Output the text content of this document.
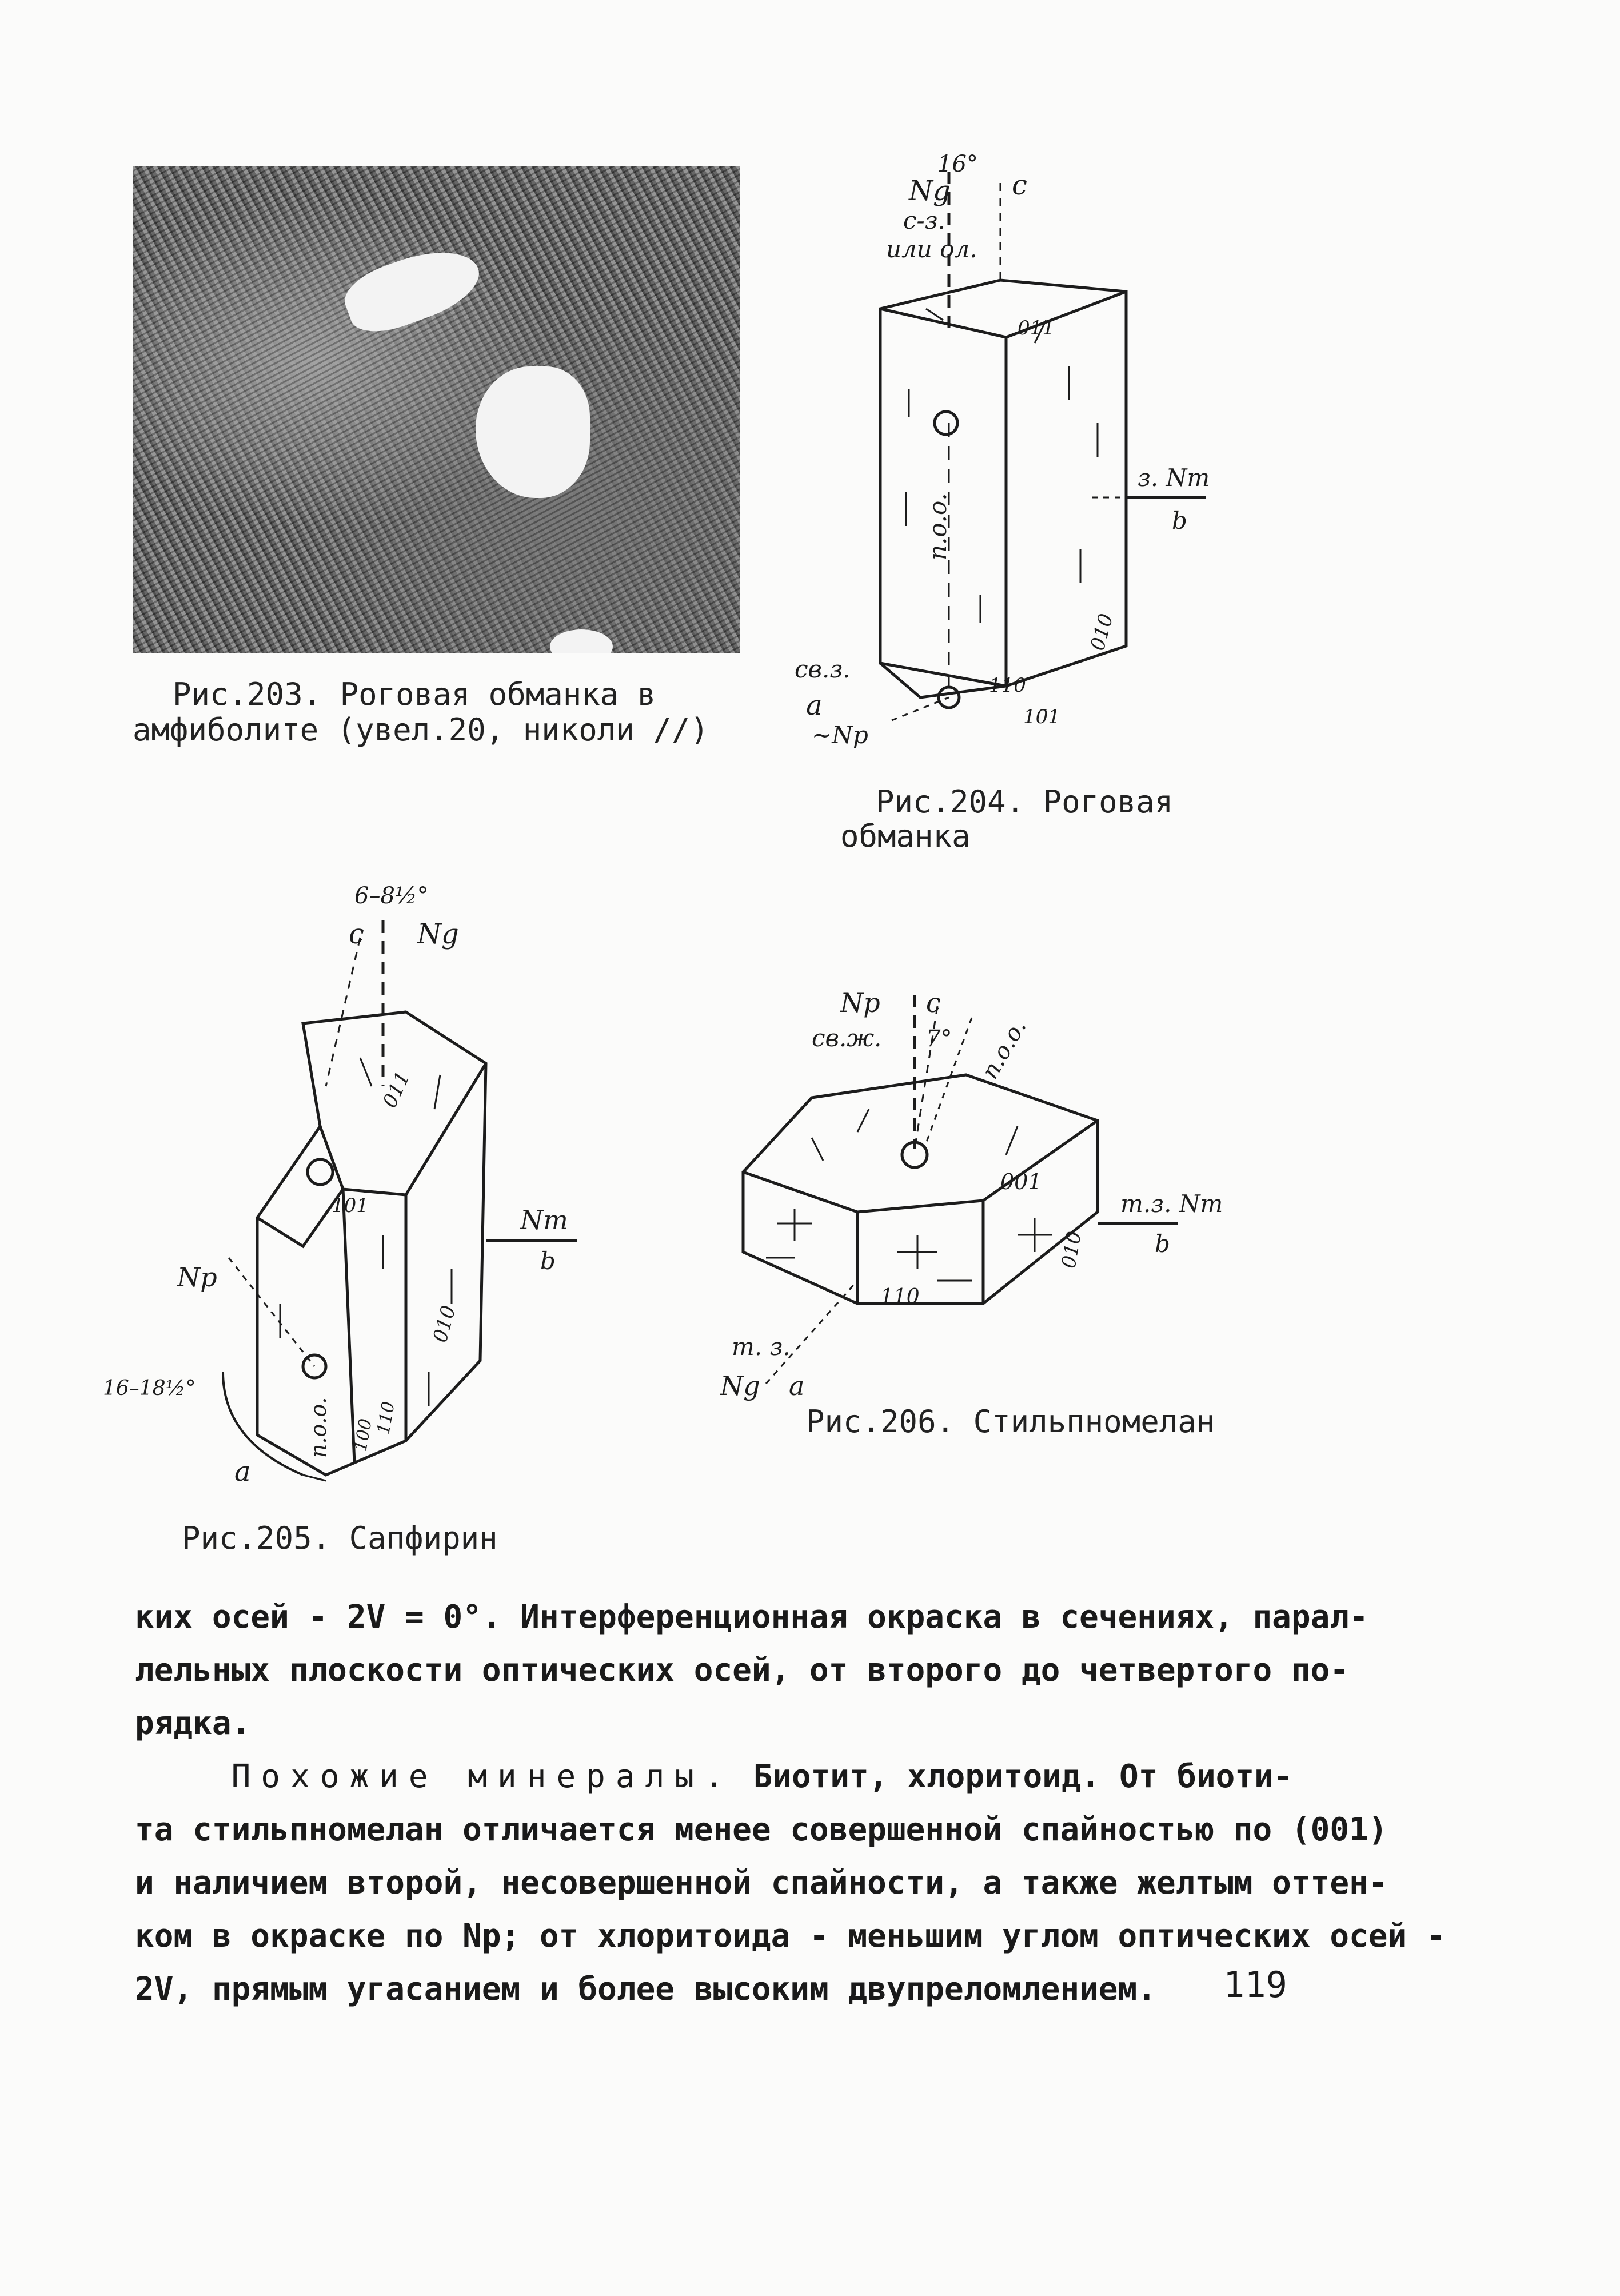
Рис.203. Роговая обманка в
амфиболите (увел.20, николи //)
16°
Ng c
с-з.
или ол.
011
п.о.о.
з. Nm
b
010
110
10̄1
св.з.
a
~Np
Рис.204. Роговая
обманка
6–8½°
c Ng
011
101	Nm
b
Np
010
16–18½°
п.о.о. 100
110
a
Рис.205. Сапфирин
Np c
св.ж. 7° п.о.о.
001
т.з. Nm
b
010
110
т. з.
Ng a
Рис.206. Стильпномелан

ких осей - 2V = 0°. Интерференционная окраска в сечениях, парал-

лельных плоскости оптических осей, от второго до четвертого по-

рядка.

Похожие минералы. Биотит, хлоритоид. От биоти-

та стильпномелан отличается менее совершенной спайностью по (001)

и наличием второй, несовершенной спайности, а также желтым оттен-

ком в окраске по Np; от хлоритоида - меньшим углом оптических осей -

2V, прямым угасанием и более высоким двупреломлением.	119
